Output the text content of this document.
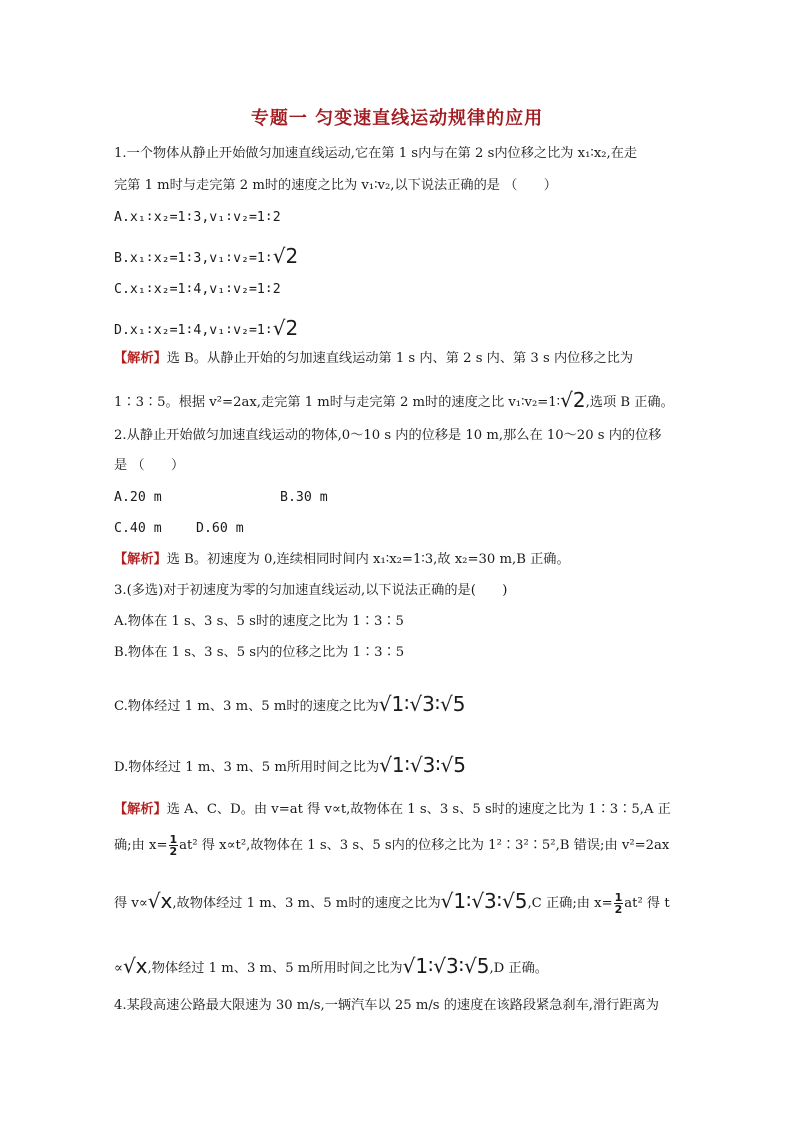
专题一 匀变速直线运动规律的应用
1.一个物体从静止开始做匀加速直线运动,它在第 1 s内与在第 2 s内位移之比为 x₁∶x₂,在走
完第 1 m时与走完第 2 m时的速度之比为 v₁∶v₂,以下说法正确的是 （　　）
A.x₁∶x₂=1∶3,v₁∶v₂=1∶2
B.x₁∶x₂=1∶3,v₁∶v₂=1∶√2
C.x₁∶x₂=1∶4,v₁∶v₂=1∶2
D.x₁∶x₂=1∶4,v₁∶v₂=1∶√2
【解析】选 B。从静止开始的匀加速直线运动第 1 s 内、第 2 s 内、第 3 s 内位移之比为
1∶3∶5。根据 v²=2ax,走完第 1 m时与走完第 2 m时的速度之比 v₁∶v₂=1∶√2,选项 B 正确。
2.从静止开始做匀加速直线运动的物体,0～10 s 内的位移是 10 m,那么在 10～20 s 内的位移
是 （　　）
A.20 m	B.30 m
C.40 m	D.60 m
【解析】选 B。初速度为 0,连续相同时间内 x₁∶x₂=1∶3,故 x₂=30 m,B 正确。
3.(多选)对于初速度为零的匀加速直线运动,以下说法正确的是(　　)
A.物体在 1 s、3 s、5 s时的速度之比为 1∶3∶5
B.物体在 1 s、3 s、5 s内的位移之比为 1∶3∶5
C.物体经过 1 m、3 m、5 m时的速度之比为√1∶√3∶√5
D.物体经过 1 m、3 m、5 m所用时间之比为√1∶√3∶√5
【解析】选 A、C、D。由 v=at 得 v∝t,故物体在 1 s、3 s、5 s时的速度之比为 1∶3∶5,A 正
确;由 $x= \frac{1}{2} at^2$ 得 x∝t²,故物体在 1 s、3 s、5 s内的位移之比为 1²∶3²∶5²,B 错误;由 v²=2ax
得 v∝√x,故物体经过 1 m、3 m、5 m时的速度之比为√1∶√3∶√5,C 正确;由 $x= \frac{1}{2} at^2$ 得 t
∝√x,物体经过 1 m、3 m、5 m所用时间之比为√1∶√3∶√5,D 正确。
4.某段高速公路最大限速为 30 m/s,一辆汽车以 25 m/s 的速度在该路段紧急刹车,滑行距离为
